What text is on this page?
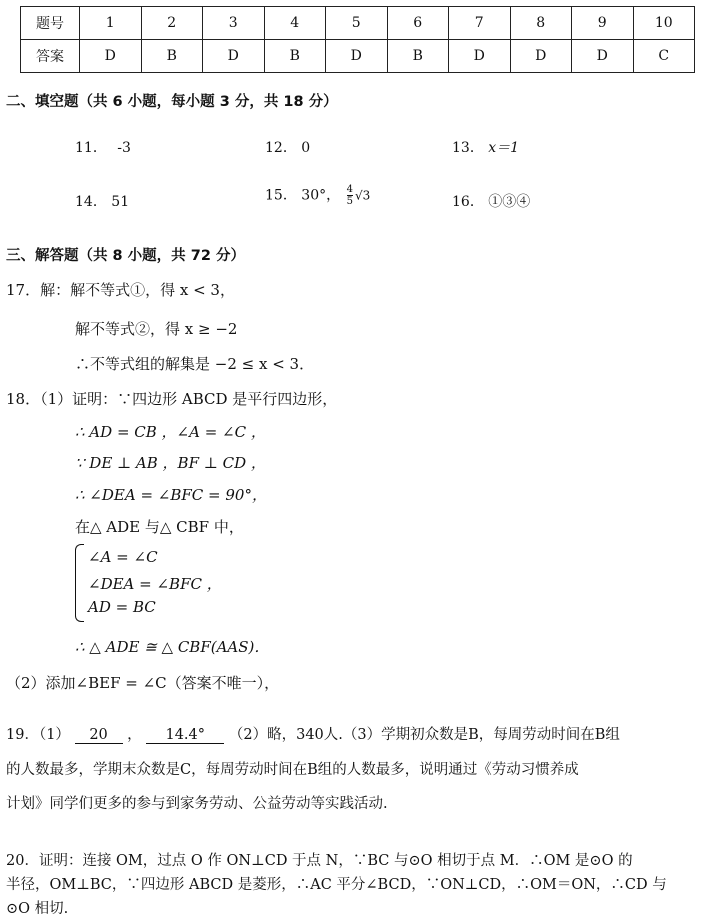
题号	1	2	3	4	5	6	7	8	9	10
答案	D	B	D	B	D	B	D	D	D	C
二、填空题（共 6 小题，每小题 3 分，共 18 分）
11． -3	12． 0	13． x＝1
14． 51	15． 30°， $\frac{4}{5} √3$	16． ①③④
三、解答题（共 8 小题，共 72 分）
17．解：解不等式①，得 x < 3，
解不等式②，得 x ≥ −2
∴不等式组的解集是 −2 ≤ x < 3．
18．（1）证明：∵四边形 ABCD 是平行四边形，
∴ AD = CB ，∠A = ∠C ，
∵ DE ⊥ AB ，BF ⊥ CD ，
∴ ∠DEA = ∠BFC = 90°，
在△ ADE 与△ CBF 中，
∠A = ∠C
∠DEA = ∠BFC ，
AD = BC
∴ △ ADE ≅ △ CBF(AAS)．
（2）添加∠BEF = ∠C（答案不唯一），
19．（1） 20 ， 14.4° （2）略，340人.（3）学期初众数是B，每周劳动时间在B组
的人数最多，学期末众数是C，每周劳动时间在B组的人数最多，说明通过《劳动习惯养成
计划》同学们更多的参与到家务劳动、公益劳动等实践活动.
20．证明：连接 OM，过点 O 作 ON⊥CD 于点 N，∵BC 与⊙O 相切于点 M．∴OM 是⊙O 的
半径，OM⊥BC，∵四边形 ABCD 是菱形，∴AC 平分∠BCD，∵ON⊥CD，∴OM＝ON，∴CD 与
⊙O 相切.
